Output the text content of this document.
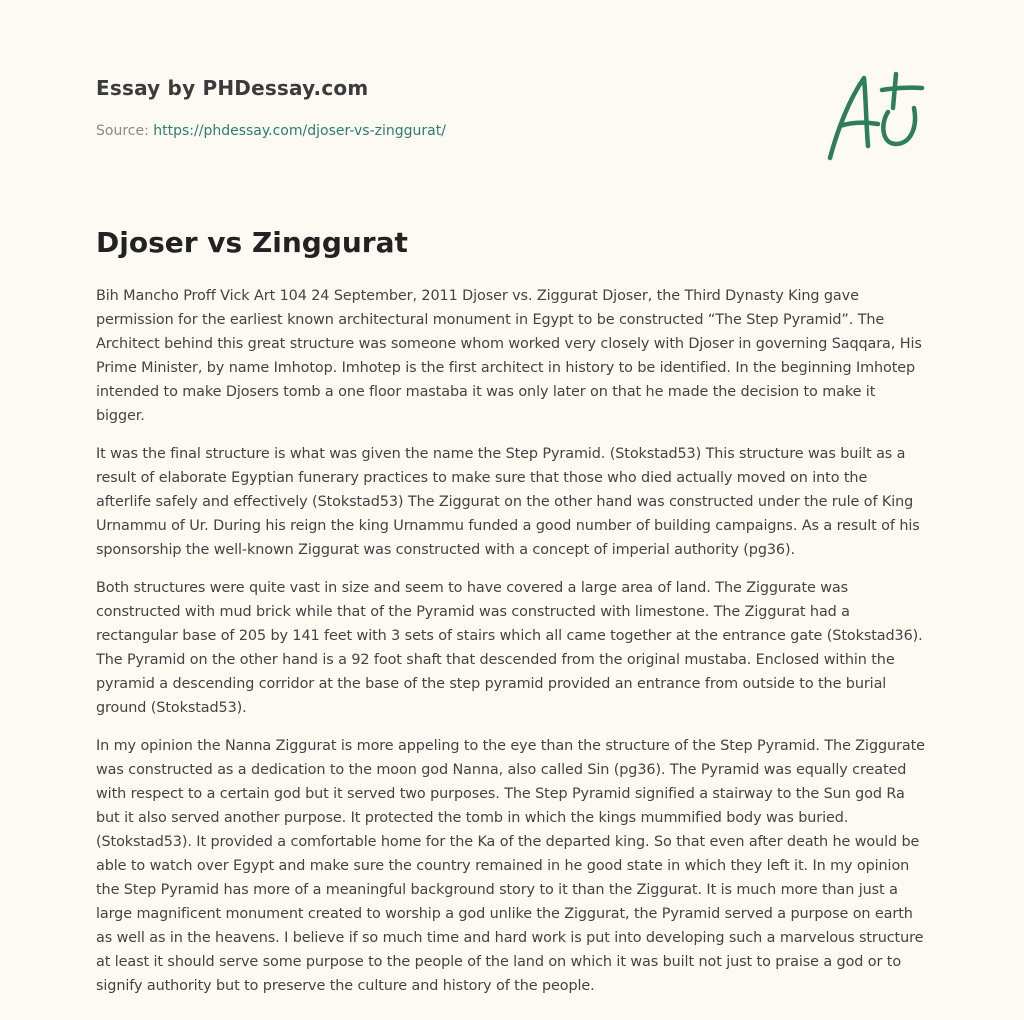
Essay by PHDessay.com
Source: https://phdessay.com/djoser-vs-zinggurat/
Djoser vs Zinggurat

Bih Mancho Proff Vick Art 104 24 September, 2011 Djoser vs. Ziggurat Djoser, the Third Dynasty King gave permission for the earliest known architectural monument in Egypt to be constructed “The Step Pyramid”. The Architect behind this great structure was someone whom worked very closely with Djoser in governing Saqqara, His Prime Minister, by name Imhotop. Imhotep is the first architect in history to be identified. In the beginning Imhotep intended to make Djosers tomb a one floor mastaba it was only later on that he made the decision to make it bigger.

It was the final structure is what was given the name the Step Pyramid. (Stokstad53) This structure was built as a result of elaborate Egyptian funerary practices to make sure that those who died actually moved on into the afterlife safely and effectively (Stokstad53) The Ziggurat on the other hand was constructed under the rule of King Urnammu of Ur. During his reign the king Urnammu funded a good number of building campaigns. As a result of his sponsorship the well-known Ziggurat was constructed with a concept of imperial authority (pg36).

Both structures were quite vast in size and seem to have covered a large area of land. The Ziggurate was constructed with mud brick while that of the Pyramid was constructed with limestone. The Ziggurat had a rectangular base of 205 by 141 feet with 3 sets of stairs which all came together at the entrance gate (Stokstad36). The Pyramid on the other hand is a 92 foot shaft that descended from the original mustaba. Enclosed within the pyramid a descending corridor at the base of the step pyramid provided an entrance from outside to the burial ground (Stokstad53).

In my opinion the Nanna Ziggurat is more appeling to the eye than the structure of the Step Pyramid. The Ziggurate was constructed as a dedication to the moon god Nanna, also called Sin (pg36). The Pyramid was equally created with respect to a certain god but it served two purposes. The Step Pyramid signified a stairway to the Sun god Ra but it also served another purpose. It protected the tomb in which the kings mummified body was buried. (Stokstad53). It provided a comfortable home for the Ka of the departed king. So that even after death he would be able to watch over Egypt and make sure the country remained in he good state in which they left it. In my opinion the Step Pyramid has more of a meaningful background story to it than the Ziggurat. It is much more than just a large magnificent monument created to worship a god unlike the Ziggurat, the Pyramid served a purpose on earth as well as in the heavens. I believe if so much time and hard work is put into developing such a marvelous structure at least it should serve some purpose to the people of the land on which it was built not just to praise a god or to signify authority but to preserve the culture and history of the people.
